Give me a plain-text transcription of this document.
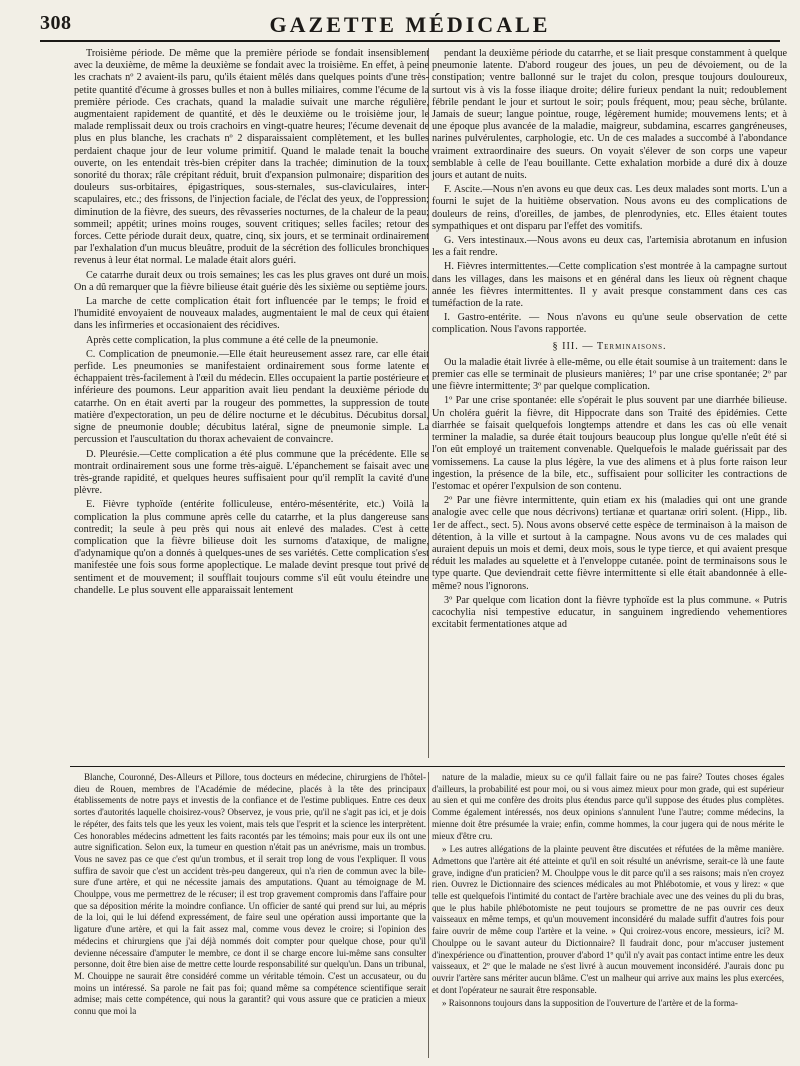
308	GAZETTE MÉDICALE

Troisième période. De même que la première période se fondait insensiblement avec la deuxième, de même la deuxième se fondait avec la troisième. En effet, à peine les crachats nº 2 avaient-ils paru, qu'ils étaient mêlés dans quelques points d'une très-petite quantité d'écume à grosses bulles et non à bulles miliaires, comme l'écume de la première période. Ces crachats, quand la maladie suivait une marche régulière, augmentaient rapidement de quantité, et dès le deuxième ou le troisième jour, le malade remplissait deux ou trois crachoirs en vingt-quatre heures; l'écume devenait de plus en plus blanche, les crachats nº 2 disparaissaient complètement, et les bulles perdaient chaque jour de leur volume primitif. Quand le malade tenait la bouche ouverte, on les entendait très-bien crépiter dans la trachée; diminution de la toux; sonorité du thorax; râle crépitant réduit, bruit d'expansion pulmonaire; disparition des douleurs sus-orbitaires, épigastriques, sous-sternales, sus-claviculaires, inter-scapulaires, etc.; des frissons, de l'injection faciale, de l'éclat des yeux, de l'oppression; diminution de la fièvre, des sueurs, des rêvasseries nocturnes, de la chaleur de la peau; sommeil; appétit; urines moins rouges, souvent critiques; selles faciles; retour des forces. Cette période durait deux, quatre, cinq, six jours, et se terminait ordinairement par l'exhalation d'un mucus bleuâtre, produit de la sécrétion des follicules bronchiques revenus à leur état normal. Le malade était alors guéri.

Ce catarrhe durait deux ou trois semaines; les cas les plus graves ont duré un mois. On a dû remarquer que la fièvre bilieuse était guérie dès les sixième ou septième jours.

La marche de cette complication était fort influencée par le temps; le froid et l'humidité envoyaient de nouveaux malades, augmentaient le mal de ceux qui étaient dans les infirmeries et occasionaient des récidives.

Après cette complication, la plus commune a été celle de la pneumonie.

C. Complication de pneumonie.—Elle était heureusement assez rare, car elle était perfide. Les pneumonies se manifestaient ordinairement sous forme latente et échappaient très-facilement à l'œil du médecin. Elles occupaient la partie postérieure et inférieure des poumons. Leur apparition avait lieu pendant la deuxième période du catarrhe. On en était averti par la rougeur des pommettes, la suppression de toute matière d'expectoration, un peu de délire nocturne et le décubitus. Décubitus dorsal, signe de pneumonie double; décubitus latéral, signe de pneumonie simple. La percussion et l'auscultation du thorax achevaient de convaincre.

D. Pleurésie.—Cette complication a été plus commune que la précédente. Elle se montrait ordinairement sous une forme très-aiguë. L'épanchement se faisait avec une très-grande rapidité, et quelques heures suffisaient pour qu'il remplît la cavité d'une plèvre.

E. Fièvre typhoïde (entérite folliculeuse, entéro-mésentérite, etc.) Voilà la complication la plus commune après celle du catarrhe, et la plus dangereuse sans contredit; la seule à peu près qui nous ait enlevé des malades. C'est à cette complication que la fièvre bilieuse doit les surnoms d'ataxique, de maligne, d'adynamique qu'on a donnés à quelques-unes de ses variétés. Cette complication s'est manifestée une fois sous forme apoplectique. Le malade devint presque tout privé de sentiment et de mouvement; il soufflait toujours comme s'il eût voulu éteindre une chandelle. Le plus souvent elle apparaissait lentement

pendant la deuxième période du catarrhe, et se liait presque constamment à quelque pneumonie latente. D'abord rougeur des joues, un peu de dévoiement, ou de la constipation; ventre ballonné sur le trajet du colon, presque toujours douloureux, surtout vis à vis la fosse iliaque droite; délire furieux pendant la nuit; redoublement fébrile pendant le jour et surtout le soir; pouls fréquent, mou; peau sèche, brûlante. Jamais de sueur; langue pointue, rouge, légèrement humide; mouvemens lents; et à une époque plus avancée de la maladie, maigreur, subdamina, escarres gangréneuses, narines pulvérulentes, carphologie, etc. Un de ces malades a succombé à l'abondance vraiment extraordinaire des sueurs. On voyait s'élever de son corps une vapeur semblable à celle de l'eau bouillante. Cette exhalation morbide a duré dix à douze jours et autant de nuits.

F. Ascite.—Nous n'en avons eu que deux cas. Les deux malades sont morts. L'un a fourni le sujet de la huitième observation. Nous avons eu des complications de douleurs de reins, d'oreilles, de jambes, de plenrodynies, etc. Elles étaient toutes sympathiques et ont disparu par l'effet des vomitifs.

G. Vers intestinaux.—Nous avons eu deux cas, l'artemisia abrotanum en infusion les a fait rendre.

H. Fièvres intermittentes.—Cette complication s'est montrée à la campagne surtout dans les villages, dans les maisons et en général dans les lieux où règnent chaque année les fièvres intermittentes. Il y avait presque constamment dans ces cas tuméfaction de la rate.

I. Gastro-entérite. — Nous n'avons eu qu'une seule observation de cette complication. Nous l'avons rapportée.

§ III. — Terminaisons.

Ou la maladie était livrée à elle-même, ou elle était soumise à un traitement: dans le premier cas elle se terminait de plusieurs manières; 1º par une crise spontanée; 2º par une fièvre intermittente; 3º par quelque complication.

1º Par une crise spontanée: elle s'opérait le plus souvent par une diarrhée bilieuse. Un choléra guérit la fièvre, dit Hippocrate dans son Traité des épidémies. Cette diarrhée se faisait quelquefois longtemps attendre et dans les cas où elle venait terminer la maladie, sa durée était toujours beaucoup plus longue qu'elle n'eût été si l'on eût employé un traitement convenable. Quelquefois le malade guérissait par des vomissemens. La cause la plus légère, la vue des alimens et à plus forte raison leur ingestion, la présence de la bile, etc., suffisaient pour solliciter les contractions de l'estomac et opérer l'expulsion de son contenu.

2º Par une fièvre intermittente, quin etiam ex his (maladies qui ont une grande analogie avec celle que nous décrivons) tertianæ et quartanæ oriri solent. (Hipp., lib. 1er de affect., sect. 5). Nous avons observé cette espèce de terminaison à la maison de détention, à la ville et surtout à la campagne. Nous avons vu de ces malades qui auraient depuis un mois et demi, deux mois, sous le type tierce, et qui avaient presque réduit les malades au squelette et à l'enveloppe cutanée. point de terminaisons sous le type quarte. Que deviendrait cette fièvre intermittente si elle était abandonnée à elle-même? nous l'ignorons.

3º Par quelque com lication dont la fièvre typhoïde est la plus commune. « Putris cacochylia nisi tempestive educatur, in sanguinem ingrediendo vehementiores excitabit fermentationes atque ad

Blanche, Couronné, Des-Alleurs et Pillore, tous docteurs en médecine, chirurgiens de l'hôtel-dieu de Rouen, membres de l'Académie de médecine, placés à la tête des principaux établissements de notre pays et investis de la confiance et de l'estime publiques. Entre ces deux sortes d'autorités laquelle choisirez-vous? Observez, je vous prie, qu'il ne s'agit pas ici, et je dois le répéter, des faits tels que les yeux les voient, mais tels que l'esprit et la science les interprètent. Ces honorables médecins admettent les faits racontés par les témoins; mais pour eux ils ont une autre signification. Selon eux, la tumeur en question n'était pas un anévrisme, mais un trombus. Vous ne savez pas ce que c'est qu'un trombus, et il serait trop long de vous l'expliquer. Il vous suffira de savoir que c'est un accident très-peu dangereux, qui n'a rien de commun avec la bile-sure d'une artère, et qui ne nécessite jamais des amputations. Quant au témoignage de M. Choulppe, vous me permettrez de le récuser; il est trop gravement compromis dans l'affaire pour que sa déposition mérite la moindre confiance. Un officier de santé qui prend sur lui, au mépris de la loi, qui le lui défend expressément, de faire seul une opération aussi importante que la ligature d'une artère, et qui la fait assez mal, comme vous devez le croire; si l'opinion des médecins et chirurgiens que j'ai déjà nommés doit compter pour quelque chose, pour qu'il devienne nécessaire d'amputer le membre, ce dont il se charge encore lui-même sans consulter personne, doit être bien aise de mettre cette lourde responsabilité sur quelqu'un. Dans un tribunal, M. Chouippe ne saurait être considéré comme un véritable témoin. C'est un accusateur, ou du moins un intéressé. Sa parole ne fait pas foi; quand même sa compétence scientifique serait admise; mais cette compétence, qui nous la garantit? qui vous assure que ce praticien a mieux connu que moi la

nature de la maladie, mieux su ce qu'il fallait faire ou ne pas faire? Toutes choses égales d'ailleurs, la probabilité est pour moi, ou si vous aimez mieux pour mon grade, qui est supérieur au sien et qui me confère des droits plus étendus parce qu'il suppose des études plus complètes. Comme également intéressés, nos deux opinions s'annulent l'une l'autre; comme médecins, la mienne doit être présumée la vraie; enfin, comme hommes, la cour jugera qui de nous mérite le mieux d'être cru.

» Les autres allégations de la plainte peuvent être discutées et réfutées de la même manière. Admettons que l'artère ait été atteinte et qu'il en soit résulté un anévrisme, serait-ce là une faute grave, indigne d'un praticien? M. Choulppe vous le dit parce qu'il a ses raisons; mais n'en croyez rien. Ouvrez le Dictionnaire des sciences médicales au mot Phlébotomie, et vous y lirez: « que telle est quelquefois l'intimité du contact de l'artère brachiale avec une des veines du pli du bras, que le plus habile phlébotomiste ne peut toujours se promettre de ne pas ouvrir ces deux vaisseaux en même temps, et qu'un mouvement inconsidéré du malade suffit d'autres fois pour faire ouvrir de même coup l'artère et la veine. » Qui croirez-vous encore, messieurs, ici? M. Choulppe ou le savant auteur du Dictionnaire? Il faudrait donc, pour m'accuser justement d'inexpérience ou d'inattention, prouver d'abord 1º qu'il n'y avait pas contact intime entre les deux vaisseaux, et 2º que le malade ne s'est livré à aucun mouvement inconsidéré. J'aurais donc pu ouvrir l'artère sans mériter aucun blâme. C'est un malheur qui arrive aux mains les plus exercées, et dont l'opérateur ne saurait être responsable.

» Raisonnons toujours dans la supposition de l'ouverture de l'artère et de la forma-
